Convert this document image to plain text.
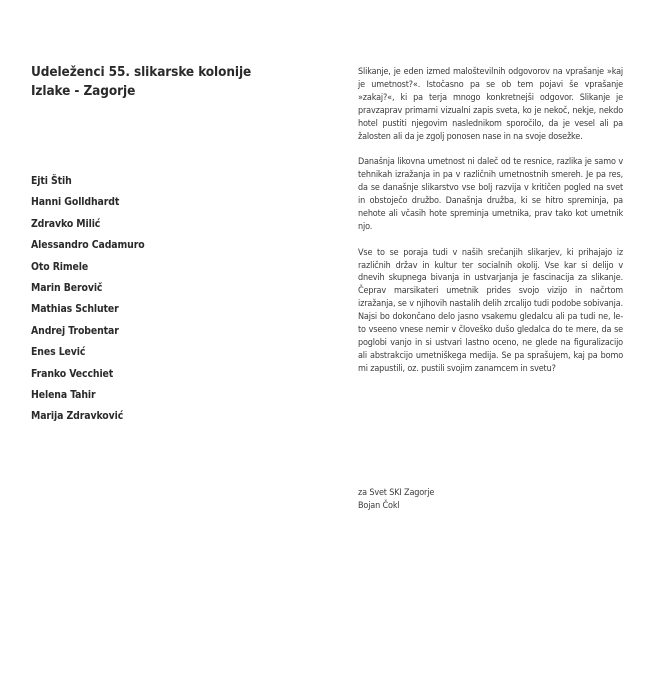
Udeleženci 55. slikarske kolonije
Izlake - Zagorje
Ejti Štih
Hanni Golldhardt
Zdravko Milić
Alessandro Cadamuro
Oto Rimele
Marin Berovič
Mathias Schluter
Andrej Trobentar
Enes Lević
Franko Vecchiet
Helena Tahir
Marija Zdravković

Slikanje, je eden izmed maloštevilnih odgovorov na vprašanje »kaj je umetnost?«. Istočasno pa se ob tem pojavi še vprašanje »zakaj?«, ki pa terja mnogo konkretnejši odgovor. Slikanje je pravzaprav primarni vizualni zapis sveta, ko je nekoč, nekje, nekdo hotel pustiti njegovim naslednikom sporočilo, da je vesel ali pa žalosten ali da je zgolj ponosen nase in na svoje dosežke.

Današnja likovna umetnost ni daleč od te resnice, razlika je samo v tehnikah izražanja in pa v različnih umetnostnih smereh. Je pa res, da se današnje slikarstvo vse bolj razvija v kritičen pogled na svet in obstoječo družbo. Današnja družba, ki se hitro spreminja, pa nehote ali včasih hote spreminja umetnika, prav tako kot umetnik njo.

Vse to se poraja tudi v naših srečanjih slikarjev, ki prihajajo iz različnih držav in kultur ter socialnih okolij. Vse kar si delijo v dnevih skupnega bivanja in ustvarjanja je fascinacija za slikanje. Čeprav marsikateri umetnik prides svojo vizijo in načrtom izražanja, se v njihovih nastalih delih zrcalijo tudi podobe sobivanja. Najsi bo dokončano delo jasno vsakemu gledalcu ali pa tudi ne, le-to vseeno vnese nemir v človeško dušo gledalca do te mere, da se poglobi vanjo in si ustvari lastno oceno, ne glede na figuralizacijo ali abstrakcijo umetniškega medija. Se pa sprašujem, kaj pa bomo mi zapustili, oz. pustili svojim zanamcem in svetu?

za Svet SKI Zagorje
Bojan Čokl
